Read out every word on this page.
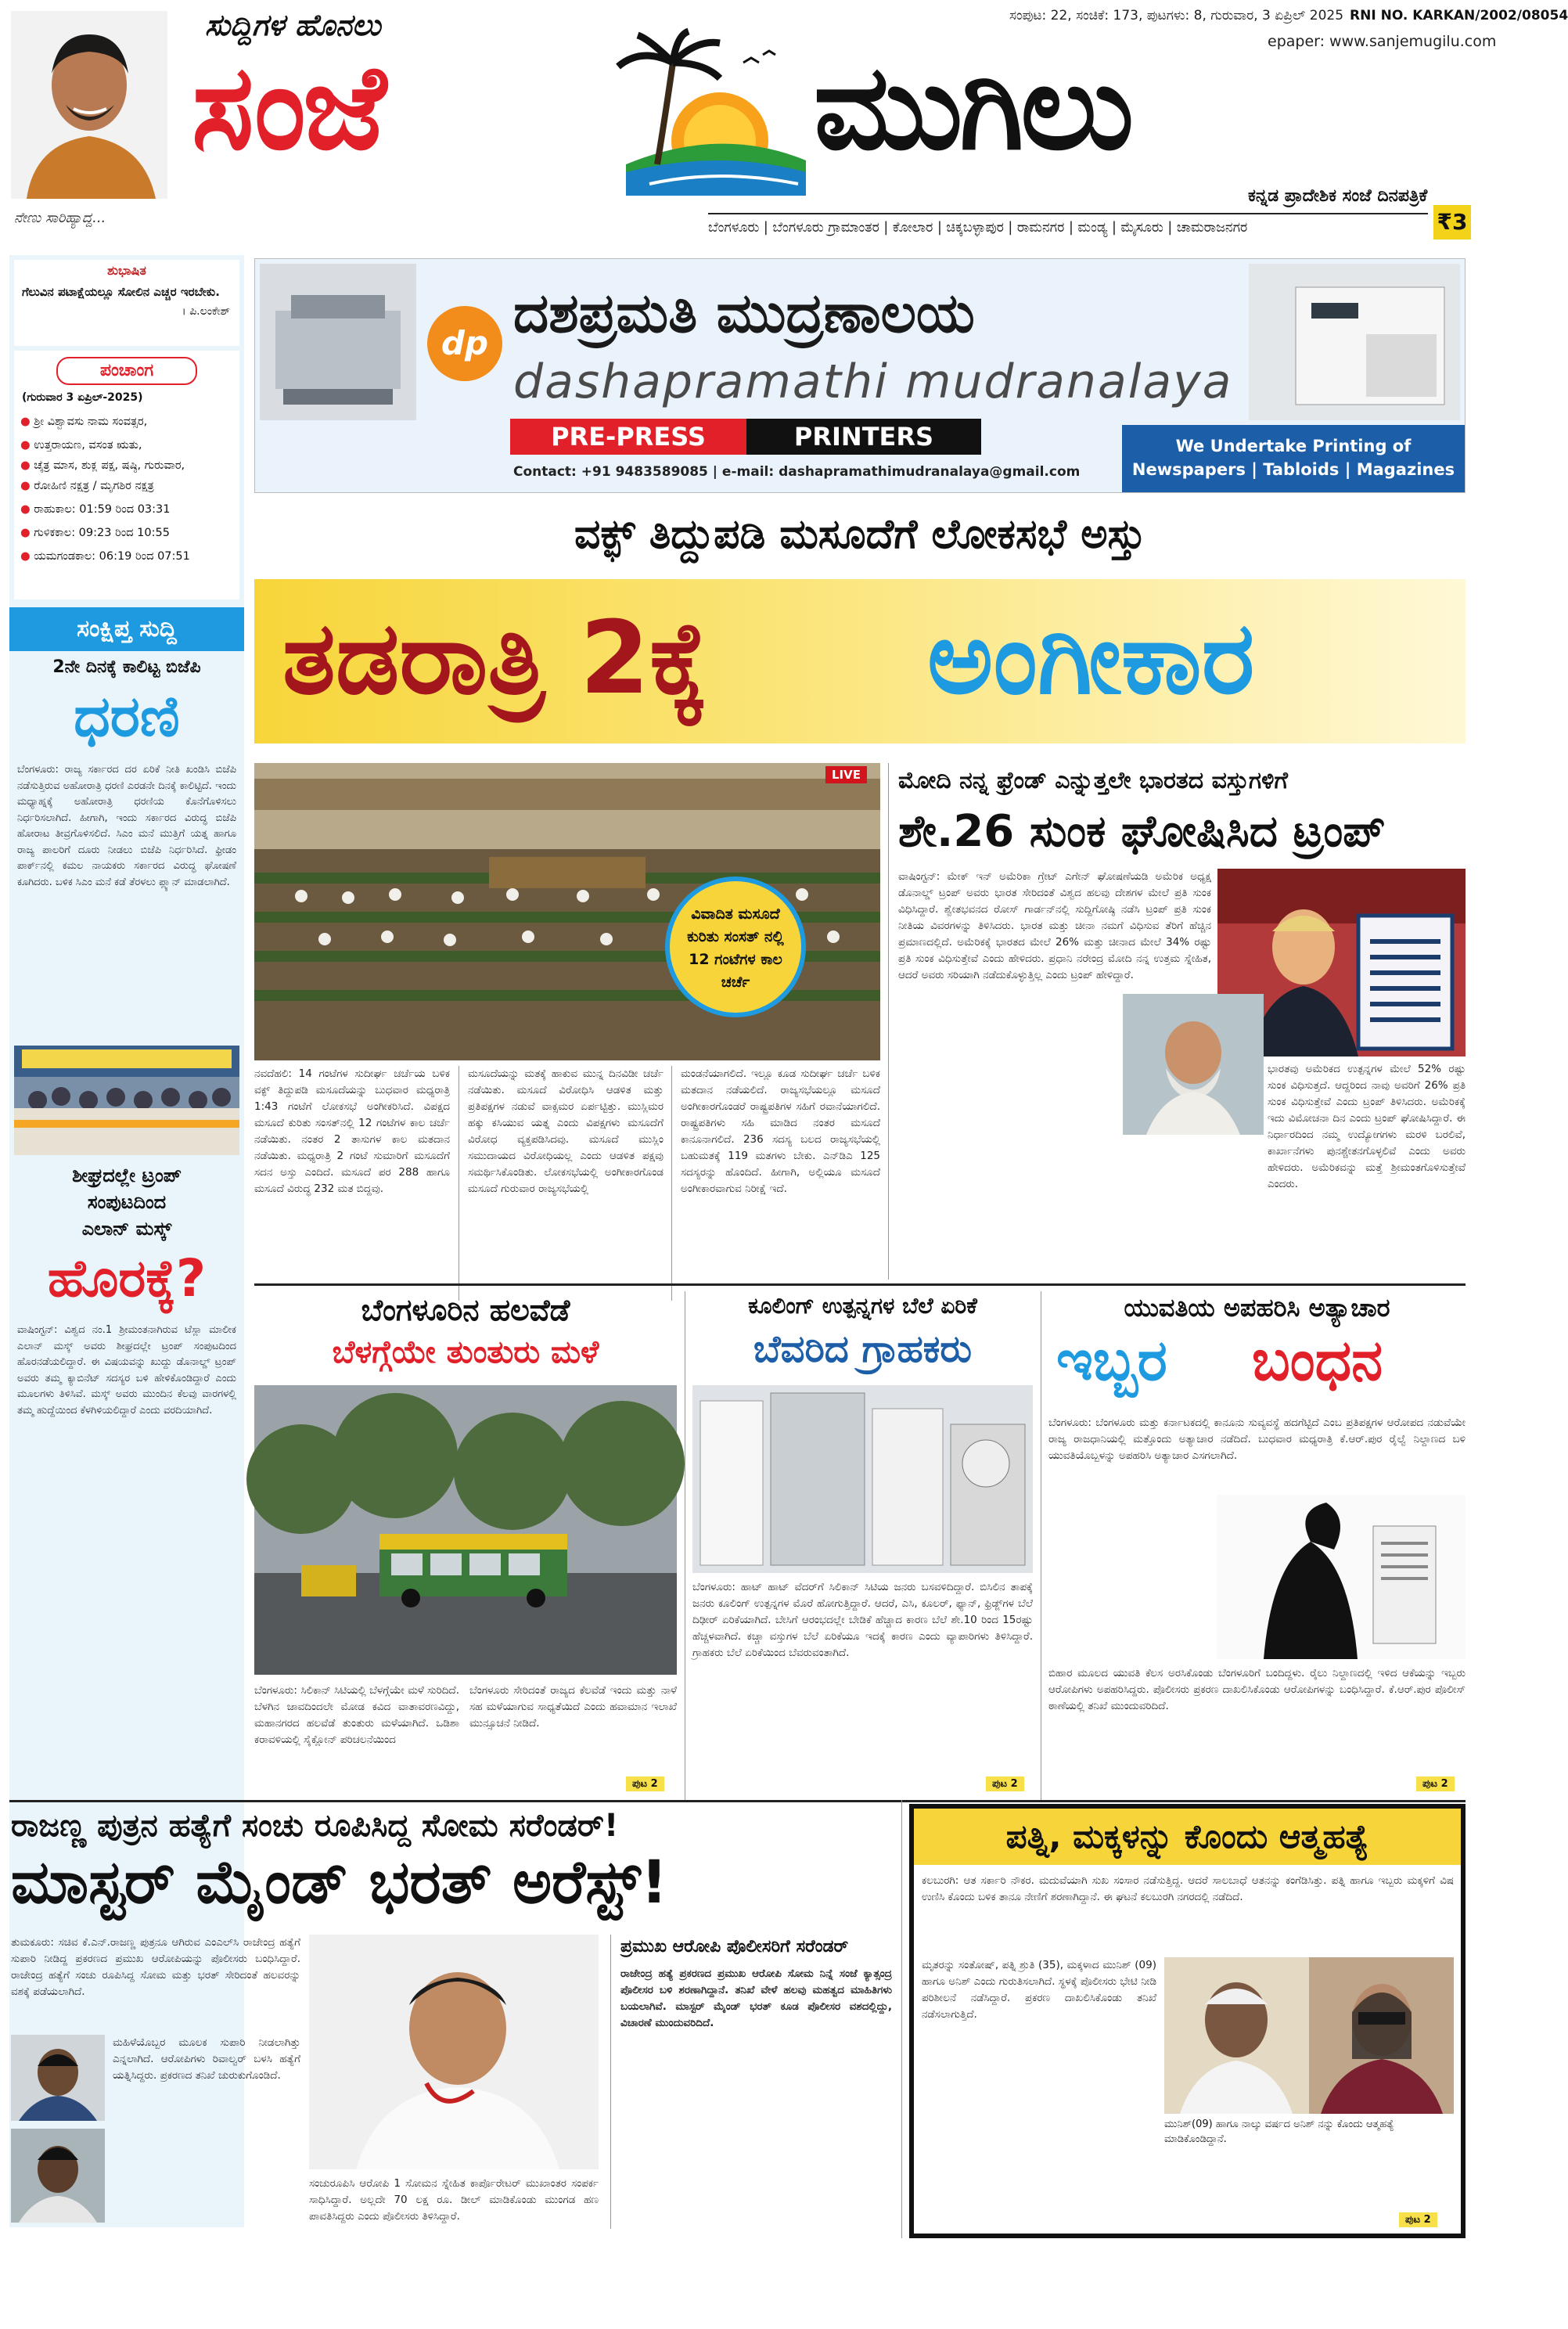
ನೇಣು ಸಾರಿಹ್ಯಾದ್ದ...
ಸುದ್ದಿಗಳ ಹೊನಲು
ಸಂಜೆ	ಮುಗಿಲು
ಸಂಪುಟ: 22, ಸಂಚಿಕೆ: 173, ಪುಟಗಳು: 8, ಗುರುವಾರ, 3 ಏಪ್ರಿಲ್ 2025 RNI NO. KARKAN/2002/08054
epaper: www.sanjemugilu.com
ಕನ್ನಡ ಪ್ರಾದೇಶಿಕ ಸಂಜೆ ದಿನಪತ್ರಿಕೆ
ಬೆಂಗಳೂರು | ಬೆಂಗಳೂರು ಗ್ರಾಮಾಂತರ | ಕೋಲಾರ | ಚಿಕ್ಕಬಳ್ಳಾಪುರ | ರಾಮನಗರ | ಮಂಡ್ಯ | ಮೈಸೂರು | ಚಾಮರಾಜನಗರ	₹3
ಶುಭಾಷಿತ
ಗೆಲುವಿನ ಪಟಾಕ್ಷೆಯಲ್ಲೂ ಸೋಲಿನ ಎಚ್ಚರ ಇರಬೇಕು.
। ಪಿ.ಲಂಕೇಶ್
ಪಂಚಾಂಗ
(ಗುರುವಾರ 3 ಏಪ್ರಿಲ್-2025)
● ಶ್ರೀ ವಿಶ್ವಾವಸು ನಾಮ ಸಂವತ್ಸರ,
● ಉತ್ತರಾಯಣ, ವಸಂತ ಋತು,
● ಚೈತ್ರ ಮಾಸ, ಶುಕ್ಲ ಪಕ್ಷ, ಷಷ್ಠಿ, ಗುರುವಾರ,
● ರೋಹಿಣಿ ನಕ್ಷತ್ರ / ಮೃಗಶಿರ ನಕ್ಷತ್ರ
● ರಾಹುಕಾಲ: 01:59 ರಿಂದ 03:31
● ಗುಳಿಕಕಾಲ: 09:23 ರಿಂದ 10:55
● ಯಮಗಂಡಕಾಲ: 06:19 ರಿಂದ 07:51
ಸಂಕ್ಷಿಪ್ತ ಸುದ್ದಿ
2ನೇ ದಿನಕ್ಕೆ ಕಾಲಿಟ್ಟ ಬಿಜೆಪಿ
ಧರಣಿ
ಬೆಂಗಳೂರು: ರಾಜ್ಯ ಸರ್ಕಾರದ ದರ ಏರಿಕೆ ನೀತಿ ಖಂಡಿಸಿ ಬಿಜೆಪಿ ನಡೆಸುತ್ತಿರುವ ಅಹೋರಾತ್ರಿ ಧರಣಿ ಎರಡನೇ ದಿನಕ್ಕೆ ಕಾಲಿಟ್ಟಿದೆ. ಇಂದು ಮಧ್ಯಾಹ್ನಕ್ಕೆ ಅಹೋರಾತ್ರಿ ಧರಣಿಯ ಕೊನೆಗೊಳಿಸಲು ನಿರ್ಧರಿಸಲಾಗಿದೆ. ಹೀಗಾಗಿ, ಇಂದು ಸರ್ಕಾರದ ವಿರುದ್ಧ ಬಿಜೆಪಿ ಹೋರಾಟ ತೀವ್ರಗೊಳಿಸಲಿದೆ. ಸಿಎಂ ಮನೆ ಮುತ್ತಿಗೆ ಯತ್ನ ಹಾಗೂ ರಾಜ್ಯ ಪಾಲರಿಗೆ ದೂರು ನೀಡಲು ಬಿಜೆಪಿ ನಿರ್ಧರಿಸಿದೆ. ಫ್ರೀಡಂ ಪಾರ್ಕ್‌ನಲ್ಲಿ ಕಮಲ ನಾಯಕರು ಸರ್ಕಾರದ ವಿರುದ್ಧ ಘೋಷಣೆ ಕೂಗಿದರು. ಬಳಿಕ ಸಿಎಂ ಮನೆ ಕಡೆ ತೆರಳಲು ಪ್ಲ್ಯಾನ್ ಮಾಡಲಾಗಿದೆ.
ಶೀಘ್ರದಲ್ಲೇ ಟ್ರಂಪ್
ಸಂಪುಟದಿಂದ
ಎಲಾನ್ ಮಸ್ಕ್
ಹೊರಕ್ಕೆ?
ವಾಷಿಂಗ್ಟನ್: ವಿಶ್ವದ ನಂ.1 ಶ್ರೀಮಂತನಾಗಿರುವ ಟೆಸ್ಲಾ ಮಾಲೀಕ ಎಲಾನ್ ಮಸ್ಕ್ ಅವರು ಶೀಘ್ರದಲ್ಲೇ ಟ್ರಂಪ್ ಸಂಪುಟದಿಂದ ಹೊರನಡೆಯಲಿದ್ದಾರೆ. ಈ ವಿಷಯವನ್ನು ಖುದ್ದು ಡೊನಾಲ್ಡ್ ಟ್ರಂಪ್ ಅವರು ತಮ್ಮ ಕ್ಯಾಬಿನೆಟ್ ಸದಸ್ಯರ ಬಳಿ ಹೇಳಿಕೊಂಡಿದ್ದಾರೆ ಎಂದು ಮೂಲಗಳು ತಿಳಿಸಿವೆ. ಮಸ್ಕ್ ಅವರು ಮುಂದಿನ ಕೆಲವು ವಾರಗಳಲ್ಲಿ ತಮ್ಮ ಹುದ್ದೆಯಿಂದ ಕೆಳಗಿಳಿಯಲಿದ್ದಾರೆ ಎಂದು ವರದಿಯಾಗಿದೆ.
dp ದಶಪ್ರಮತಿ ಮುದ್ರಣಾಲಯ
dashapramathi mudranalaya
PRE-PRESS	PRINTERS
Contact: +91 9483589085 | e-mail: dashapramathimudranalaya@gmail.com
We Undertake Printing of Newspapers | Tabloids | Magazines
ವಕ್ಫ್ ತಿದ್ದುಪಡಿ ಮಸೂದೆಗೆ ಲೋಕಸಭೆ ಅಸ್ತು
ತಡರಾತ್ರಿ 2ಕ್ಕೆ ಅಂಗೀಕಾರ
LIVE
ವಿವಾದಿತ ಮಸೂದೆ ಕುರಿತು ಸಂಸತ್ ನಲ್ಲಿ 12 ಗಂಟೆಗಳ ಕಾಲ ಚರ್ಚೆ
ನವದೆಹಲಿ: 14 ಗಂಟೆಗಳ ಸುದೀರ್ಘ ಚರ್ಚೆಯ ಬಳಿಕ ವಕ್ಫ್ ತಿದ್ದುಪಡಿ ಮಸೂದೆಯನ್ನು ಬುಧವಾರ ಮಧ್ಯರಾತ್ರಿ 1:43 ಗಂಟೆಗೆ ಲೋಕಸಭೆ ಅಂಗೀಕರಿಸಿದೆ. ವಿಪಕ್ಷದ ಮಸೂದೆ ಕುರಿತು ಸಂಸತ್‌ನಲ್ಲಿ 12 ಗಂಟೆಗಳ ಕಾಲ ಚರ್ಚೆ ನಡೆಯಿತು. ನಂತರ 2 ತಾಸುಗಳ ಕಾಲ ಮತದಾನ ನಡೆಯಿತು. ಮಧ್ಯರಾತ್ರಿ 2 ಗಂಟೆ ಸುಮಾರಿಗೆ ಮಸೂದೆಗೆ ಸದನ ಅಸ್ತು ಎಂದಿದೆ. ಮಸೂದೆ ಪರ 288 ಹಾಗೂ ಮಸೂದೆ ವಿರುದ್ಧ 232 ಮತ ಬಿದ್ದವು.
ಮಸೂದೆಯನ್ನು ಮತಕ್ಕೆ ಹಾಕುವ ಮುನ್ನ ದಿನವಿಡೀ ಚರ್ಚೆ ನಡೆಯಿತು. ಮಸೂದೆ ವಿರೋಧಿಸಿ ಆಡಳಿತ ಮತ್ತು ಪ್ರತಿಪಕ್ಷಗಳ ನಡುವೆ ವಾಕ್ಸಮರ ಏರ್ಪಟ್ಟಿತ್ತು. ಮುಸ್ಲಿಮರ ಹಕ್ಕು ಕಸಿಯುವ ಯತ್ನ ಎಂದು ವಿಪಕ್ಷಗಳು ಮಸೂದೆಗೆ ವಿರೋಧ ವ್ಯಕ್ತಪಡಿಸಿದವು. ಮಸೂದೆ ಮುಸ್ಲಿಂ ಸಮುದಾಯದ ವಿರೋಧಿಯಲ್ಲ ಎಂದು ಆಡಳಿತ ಪಕ್ಷವು ಸಮರ್ಥಿಸಿಕೊಂಡಿತು. ಲೋಕಸಭೆಯಲ್ಲಿ ಅಂಗೀಕಾರಗೊಂಡ ಮಸೂದೆ ಗುರುವಾರ ರಾಜ್ಯಸಭೆಯಲ್ಲಿ
ಮಂಡನೆಯಾಗಲಿದೆ. ಇಲ್ಲೂ ಕೂಡ ಸುದೀರ್ಘ ಚರ್ಚೆ ಬಳಿಕ ಮತದಾನ ನಡೆಯಲಿದೆ. ರಾಜ್ಯಸಭೆಯಲ್ಲೂ ಮಸೂದೆ ಅಂಗೀಕಾರಗೊಂಡರೆ ರಾಷ್ಟ್ರಪತಿಗಳ ಸಹಿಗೆ ರವಾನೆಯಾಗಲಿದೆ. ರಾಷ್ಟ್ರಪತಿಗಳು ಸಹಿ ಮಾಡಿದ ನಂತರ ಮಸೂದೆ ಕಾನೂನಾಗಲಿದೆ. 236 ಸದಸ್ಯ ಬಲದ ರಾಜ್ಯಸಭೆಯಲ್ಲಿ ಬಹುಮತಕ್ಕೆ 119 ಮತಗಳು ಬೇಕು. ಎನ್‌ಡಿಎ 125 ಸದಸ್ಯರನ್ನು ಹೊಂದಿದೆ. ಹೀಗಾಗಿ, ಅಲ್ಲಿಯೂ ಮಸೂದೆ ಅಂಗೀಕಾರವಾಗುವ ನಿರೀಕ್ಷೆ ಇದೆ.
ಮೋದಿ ನನ್ನ ಫ್ರೆಂಡ್ ಎನ್ನುತ್ತಲೇ ಭಾರತದ ವಸ್ತುಗಳಿಗೆ
ಶೇ.26 ಸುಂಕ ಘೋಷಿಸಿದ ಟ್ರಂಪ್
ವಾಷಿಂಗ್ಟನ್: ಮೇಕ್ ಇನ್ ಅಮೆರಿಕಾ ಗ್ರೇಟ್ ಎಗೇನ್ ಘೋಷಣೆಯಡಿ ಅಮೆರಿಕ ಅಧ್ಯಕ್ಷ ಡೊನಾಲ್ಡ್ ಟ್ರಂಪ್ ಅವರು ಭಾರತ ಸೇರಿದಂತೆ ವಿಶ್ವದ ಹಲವು ದೇಶಗಳ ಮೇಲೆ ಪ್ರತಿ ಸುಂಕ ವಿಧಿಸಿದ್ದಾರೆ. ಶ್ವೇತಭವನದ ರೋಸ್ ಗಾರ್ಡನ್‌ನಲ್ಲಿ ಸುದ್ದಿಗೋಷ್ಠಿ ನಡೆಸಿ ಟ್ರಂಪ್ ಪ್ರತಿ ಸುಂಕ ನೀತಿಯ ವಿವರಗಳನ್ನು ತಿಳಿಸಿದರು. ಭಾರತ ಮತ್ತು ಚೀನಾ ನಮಗೆ ವಿಧಿಸುವ ತೆರಿಗೆ ಹೆಚ್ಚಿನ ಪ್ರಮಾಣದಲ್ಲಿದೆ. ಅಮೆರಿಕಕ್ಕೆ ಭಾರತದ ಮೇಲೆ 26% ಮತ್ತು ಚೀನಾದ ಮೇಲೆ 34% ರಷ್ಟು ಪ್ರತಿ ಸುಂಕ ವಿಧಿಸುತ್ತೇವೆ ಎಂದು ಹೇಳಿದರು. ಪ್ರಧಾನಿ ನರೇಂದ್ರ ಮೋದಿ ನನ್ನ ಉತ್ತಮ ಸ್ನೇಹಿತ, ಆದರೆ ಅವರು ಸರಿಯಾಗಿ ನಡೆದುಕೊಳ್ಳುತ್ತಿಲ್ಲ ಎಂದು ಟ್ರಂಪ್ ಹೇಳಿದ್ದಾರೆ.
ಭಾರತವು ಅಮೆರಿಕದ ಉತ್ಪನ್ನಗಳ ಮೇಲೆ 52% ರಷ್ಟು ಸುಂಕ ವಿಧಿಸುತ್ತದೆ. ಆದ್ದರಿಂದ ನಾವು ಅವರಿಗೆ 26% ಪ್ರತಿ ಸುಂಕ ವಿಧಿಸುತ್ತೇವೆ ಎಂದು ಟ್ರಂಪ್ ತಿಳಿಸಿದರು. ಅಮೆರಿಕಕ್ಕೆ ಇದು ವಿಮೋಚನಾ ದಿನ ಎಂದು ಟ್ರಂಪ್ ಘೋಷಿಸಿದ್ದಾರೆ. ಈ ನಿರ್ಧಾರದಿಂದ ನಮ್ಮ ಉದ್ಯೋಗಗಳು ಮರಳಿ ಬರಲಿವೆ, ಕಾರ್ಖಾನೆಗಳು ಪುನಶ್ಚೇತನಗೊಳ್ಳಲಿವೆ ಎಂದು ಅವರು ಹೇಳಿದರು. ಅಮೆರಿಕವನ್ನು ಮತ್ತೆ ಶ್ರೀಮಂತಗೊಳಿಸುತ್ತೇವೆ ಎಂದರು.
ಬೆಂಗಳೂರಿನ ಹಲವೆಡೆ
ಬೆಳಗ್ಗೆಯೇ ತುಂತುರು ಮಳೆ
ಬೆಂಗಳೂರು: ಸಿಲಿಕಾನ್ ಸಿಟಿಯಲ್ಲಿ ಬೆಳಗ್ಗೆಯೇ ಮಳೆ ಸುರಿದಿದೆ. ಬೆಳಗಿನ ಜಾವದಿಂದಲೇ ಮೋಡ ಕವಿದ ವಾತಾವರಣವಿದ್ದು, ಮಹಾನಗರದ ಹಲವೆಡೆ ತುಂತುರು ಮಳೆಯಾಗಿದೆ. ಒಡಿಶಾ ಕರಾವಳಿಯಲ್ಲಿ ಸೈಕ್ಲೋನ್ ಪರಿಚಲನೆಯಿಂದ
ಬೆಂಗಳೂರು ಸೇರಿದಂತೆ ರಾಜ್ಯದ ಕೆಲವೆಡೆ ಇಂದು ಮತ್ತು ನಾಳೆ ಸಹ ಮಳೆಯಾಗುವ ಸಾಧ್ಯತೆಯಿದೆ ಎಂದು ಹವಾಮಾನ ಇಲಾಖೆ ಮುನ್ಸೂಚನೆ ನೀಡಿದೆ.
ಪುಟ 2
ಕೂಲಿಂಗ್ ಉತ್ಪನ್ನಗಳ ಬೆಲೆ ಏರಿಕೆ
ಬೆವರಿದ ಗ್ರಾಹಕರು
ಬೆಂಗಳೂರು: ಹಾಟ್ ಹಾಟ್ ವೆದರ್‌ಗೆ ಸಿಲಿಕಾನ್ ಸಿಟಿಯ ಜನರು ಬಸವಳಿದಿದ್ದಾರೆ. ಬಿಸಿಲಿನ ತಾಪಕ್ಕೆ ಜನರು ಕೂಲಿಂಗ್ ಉತ್ಪನ್ನಗಳ ಮೊರೆ ಹೋಗುತ್ತಿದ್ದಾರೆ. ಆದರೆ, ಎಸಿ, ಕೂಲರ್, ಫ್ಯಾನ್, ಫ್ರಿಡ್ಜ್‌ಗಳ ಬೆಲೆ ದಿಢೀರ್ ಏರಿಕೆಯಾಗಿದೆ. ಬೇಸಿಗೆ ಆರಂಭದಲ್ಲೇ ಬೇಡಿಕೆ ಹೆಚ್ಚಾದ ಕಾರಣ ಬೆಲೆ ಶೇ.10 ರಿಂದ 15ರಷ್ಟು ಹೆಚ್ಚಳವಾಗಿದೆ. ಕಚ್ಚಾ ವಸ್ತುಗಳ ಬೆಲೆ ಏರಿಕೆಯೂ ಇದಕ್ಕೆ ಕಾರಣ ಎಂದು ವ್ಯಾಪಾರಿಗಳು ತಿಳಿಸಿದ್ದಾರೆ. ಗ್ರಾಹಕರು ಬೆಲೆ ಏರಿಕೆಯಿಂದ ಬೆವರುವಂತಾಗಿದೆ.
ಪುಟ 2
ಯುವತಿಯ ಅಪಹರಿಸಿ ಅತ್ಯಾಚಾರ
ಇಬ್ಬರ ಬಂಧನ
ಬೆಂಗಳೂರು: ಬೆಂಗಳೂರು ಮತ್ತು ಕರ್ನಾಟಕದಲ್ಲಿ ಕಾನೂನು ಸುವ್ಯವಸ್ಥೆ ಹದಗೆಟ್ಟಿದೆ ಎಂಬ ಪ್ರತಿಪಕ್ಷಗಳ ಆರೋಪದ ನಡುವೆಯೇ ರಾಜ್ಯ ರಾಜಧಾನಿಯಲ್ಲಿ ಮತ್ತೊಂದು ಅತ್ಯಾಚಾರ ನಡೆದಿದೆ. ಬುಧವಾರ ಮಧ್ಯರಾತ್ರಿ ಕೆ.ಆರ್.ಪುರ ರೈಲ್ವೆ ನಿಲ್ದಾಣದ ಬಳಿ ಯುವತಿಯೊಬ್ಬಳನ್ನು ಅಪಹರಿಸಿ ಅತ್ಯಾಚಾರ ಎಸಗಲಾಗಿದೆ.
ಬಿಹಾರ ಮೂಲದ ಯುವತಿ ಕೆಲಸ ಅರಸಿಕೊಂಡು ಬೆಂಗಳೂರಿಗೆ ಬಂದಿದ್ದಳು. ರೈಲು ನಿಲ್ದಾಣದಲ್ಲಿ ಇಳಿದ ಆಕೆಯನ್ನು ಇಬ್ಬರು ಆರೋಪಿಗಳು ಅಪಹರಿಸಿದ್ದರು. ಪೊಲೀಸರು ಪ್ರಕರಣ ದಾಖಲಿಸಿಕೊಂಡು ಆರೋಪಿಗಳನ್ನು ಬಂಧಿಸಿದ್ದಾರೆ. ಕೆ.ಆರ್.ಪುರ ಪೊಲೀಸ್ ಠಾಣೆಯಲ್ಲಿ ತನಿಖೆ ಮುಂದುವರಿದಿದೆ.
ಪುಟ 2
ರಾಜಣ್ಣ ಪುತ್ರನ ಹತ್ಯೆಗೆ ಸಂಚು ರೂಪಿಸಿದ್ದ ಸೋಮ ಸರೆಂಡರ್!
ಮಾಸ್ಟರ್ ಮೈಂಡ್ ಭರತ್ ಅರೆಸ್ಟ್!
ತುಮಕೂರು: ಸಚಿವ ಕೆ.ಎನ್.ರಾಜಣ್ಣ ಪುತ್ರನೂ ಆಗಿರುವ ಎಂಎಲ್‌ಸಿ ರಾಜೇಂದ್ರ ಹತ್ಯೆಗೆ ಸುಪಾರಿ ನೀಡಿದ್ದ ಪ್ರಕರಣದ ಪ್ರಮುಖ ಆರೋಪಿಯನ್ನು ಪೊಲೀಸರು ಬಂಧಿಸಿದ್ದಾರೆ. ರಾಜೇಂದ್ರ ಹತ್ಯೆಗೆ ಸಂಚು ರೂಪಿಸಿದ್ದ ಸೋಮ ಮತ್ತು ಭರತ್ ಸೇರಿದಂತೆ ಹಲವರನ್ನು ವಶಕ್ಕೆ ಪಡೆಯಲಾಗಿದೆ.
ಮಹಿಳೆಯೊಬ್ಬರ ಮೂಲಕ ಸುಪಾರಿ ನೀಡಲಾಗಿತ್ತು ಎನ್ನಲಾಗಿದೆ. ಆರೋಪಿಗಳು ರಿವಾಲ್ವರ್ ಬಳಸಿ ಹತ್ಯೆಗೆ ಯತ್ನಿಸಿದ್ದರು. ಪ್ರಕರಣದ ತನಿಖೆ ಚುರುಕುಗೊಂಡಿದೆ.
ಸಂಚುರೂಪಿಸಿ ಆರೋಪಿ 1 ಸೋಮನ ಸ್ನೇಹಿತ ಕಾರ್ಪೊರೇಟರ್ ಮುಖಾಂತರ ಸಂಪರ್ಕ ಸಾಧಿಸಿದ್ದಾರೆ. ಅಲ್ಲದೇ 70 ಲಕ್ಷ ರೂ. ಡೀಲ್ ಮಾಡಿಕೊಂಡು ಮುಂಗಡ ಹಣ ಪಾವತಿಸಿದ್ದರು ಎಂದು ಪೊಲೀಸರು ತಿಳಿಸಿದ್ದಾರೆ.
ಪ್ರಮುಖ ಆರೋಪಿ ಪೊಲೀಸರಿಗೆ ಸರೆಂಡರ್
ರಾಜೇಂದ್ರ ಹತ್ಯೆ ಪ್ರಕರಣದ ಪ್ರಮುಖ ಆರೋಪಿ ಸೋಮ ನಿನ್ನೆ ಸಂಜೆ ಕ್ಯಾತ್ಸಂದ್ರ ಪೊಲೀಸರ ಬಳಿ ಶರಣಾಗಿದ್ದಾನೆ. ತನಿಖೆ ವೇಳೆ ಹಲವು ಮಹತ್ವದ ಮಾಹಿತಿಗಳು ಬಯಲಾಗಿವೆ. ಮಾಸ್ಟರ್ ಮೈಂಡ್ ಭರತ್ ಕೂಡ ಪೊಲೀಸರ ವಶದಲ್ಲಿದ್ದು, ವಿಚಾರಣೆ ಮುಂದುವರಿದಿದೆ.
ಪತ್ನಿ, ಮಕ್ಕಳನ್ನು ಕೊಂದು ಆತ್ಮಹತ್ಯೆ
ಕಲಬುರಗಿ: ಆತ ಸರ್ಕಾರಿ ನೌಕರ. ಮದುವೆಯಾಗಿ ಸುಖ ಸಂಸಾರ ನಡೆಸುತ್ತಿದ್ದ. ಆದರೆ ಸಾಲಬಾಧೆ ಆತನನ್ನು ಕಂಗೆಡಿಸಿತ್ತು. ಪತ್ನಿ ಹಾಗೂ ಇಬ್ಬರು ಮಕ್ಕಳಿಗೆ ವಿಷ ಉಣಿಸಿ ಕೊಂದು ಬಳಿಕ ತಾನೂ ನೇಣಿಗೆ ಶರಣಾಗಿದ್ದಾನೆ. ಈ ಘಟನೆ ಕಲಬುರಗಿ ನಗರದಲ್ಲಿ ನಡೆದಿದೆ.
ಮುನಿಶ್(09) ಹಾಗೂ ನಾಲ್ಕು ವರ್ಷದ ಅನಿಶ್ ನನ್ನು ಕೊಂದು ಆತ್ಮಹತ್ಯೆ ಮಾಡಿಕೊಂಡಿದ್ದಾನೆ.
ಮೃತರನ್ನು ಸಂತೋಷ್, ಪತ್ನಿ ಶ್ರುತಿ (35), ಮಕ್ಕಳಾದ ಮುನಿಶ್ (09) ಹಾಗೂ ಅನಿಶ್ ಎಂದು ಗುರುತಿಸಲಾಗಿದೆ. ಸ್ಥಳಕ್ಕೆ ಪೊಲೀಸರು ಭೇಟಿ ನೀಡಿ ಪರಿಶೀಲನೆ ನಡೆಸಿದ್ದಾರೆ. ಪ್ರಕರಣ ದಾಖಲಿಸಿಕೊಂಡು ತನಿಖೆ ನಡೆಸಲಾಗುತ್ತಿದೆ.
ಪುಟ 2
